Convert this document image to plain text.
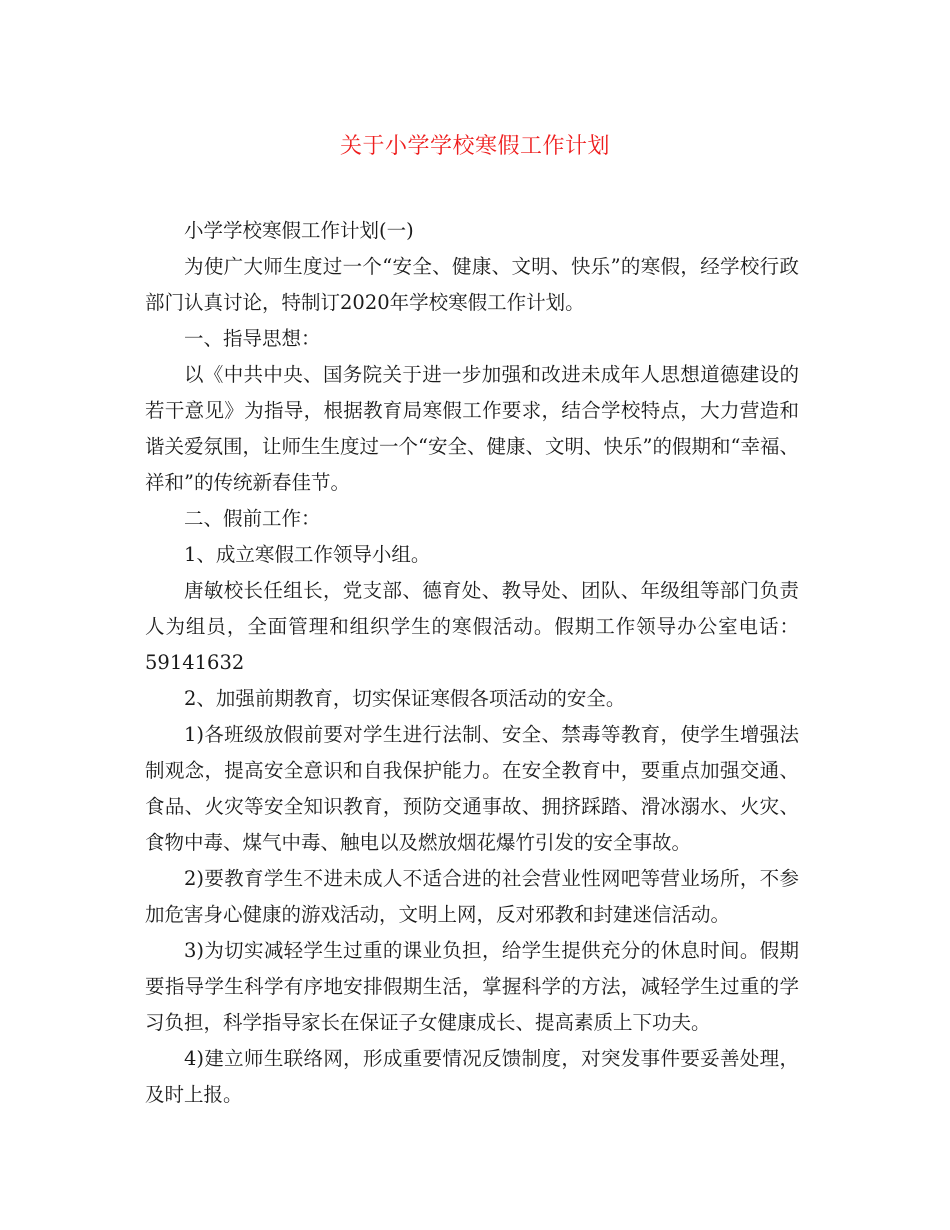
关于小学学校寒假工作计划

小学学校寒假工作计划(一)

为使广大师生度过一个“安全、健康、文明、快乐”的寒假，经学校行政部门认真讨论，特制订2020年学校寒假工作计划。

一、指导思想：

以《中共中央、国务院关于进一步加强和改进未成年人思想道德建设的若干意见》为指导，根据教育局寒假工作要求，结合学校特点，大力营造和谐关爱氛围，让师生生度过一个“安全、健康、文明、快乐”的假期和“幸福、祥和”的传统新春佳节。

二、假前工作：

1、成立寒假工作领导小组。

唐敏校长任组长，党支部、德育处、教导处、团队、年级组等部门负责人为组员，全面管理和组织学生的寒假活动。假期工作领导办公室电话：59141632

2、加强前期教育，切实保证寒假各项活动的安全。

1)各班级放假前要对学生进行法制、安全、禁毒等教育，使学生增强法制观念，提高安全意识和自我保护能力。在安全教育中，要重点加强交通、食品、火灾等安全知识教育，预防交通事故、拥挤踩踏、滑冰溺水、火灾、食物中毒、煤气中毒、触电以及燃放烟花爆竹引发的安全事故。

2)要教育学生不进未成人不适合进的社会营业性网吧等营业场所，不参加危害身心健康的游戏活动，文明上网，反对邪教和封建迷信活动。

3)为切实减轻学生过重的课业负担，给学生提供充分的休息时间。假期要指导学生科学有序地安排假期生活，掌握科学的方法，减轻学生过重的学习负担，科学指导家长在保证子女健康成长、提高素质上下功夫。

4)建立师生联络网，形成重要情况反馈制度，对突发事件要妥善处理，及时上报。
